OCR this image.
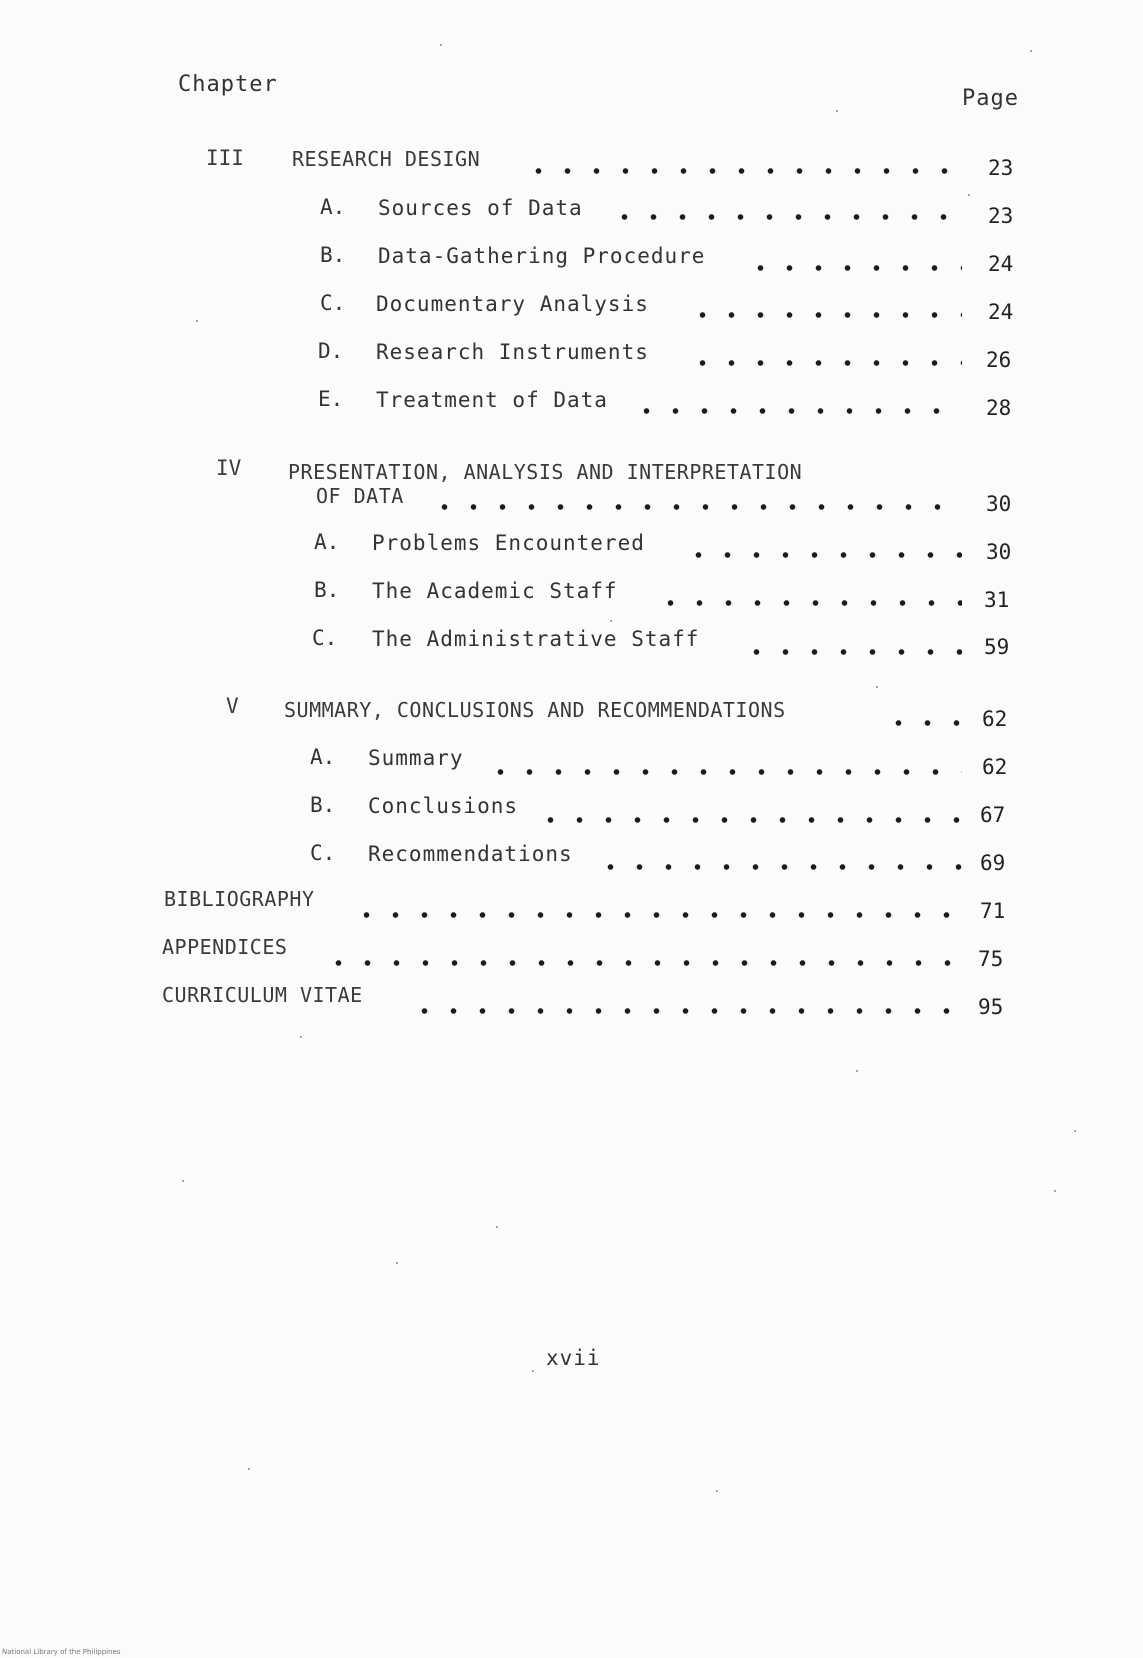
Chapter
Page
III RESEARCH DESIGN	23
A. Sources of Data	23
B. Data-Gathering Procedure	24
C. Documentary Analysis	24
D. Research Instruments	26
E. Treatment of Data	28
IV PRESENTATION, ANALYSIS AND INTERPRETATION
OF DATA	30
A. Problems Encountered	30
B. The Academic Staff	31
C. The Administrative Staff	59
V SUMMARY, CONCLUSIONS AND RECOMMENDATIONS	62
A. Summary	62
B. Conclusions	67
C. Recommendations	69
BIBLIOGRAPHY	71
APPENDICES	75
CURRICULUM VITAE	95
xvii
National Library of the Philippines
